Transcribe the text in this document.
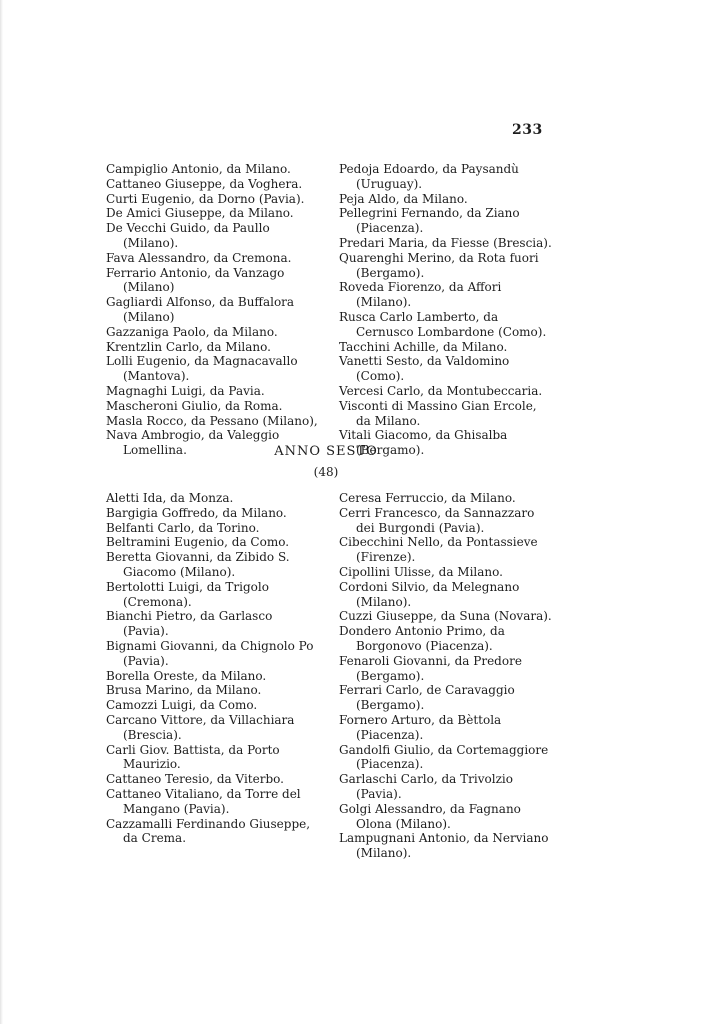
233

Campiglio Antonio, da Milano.

Cattaneo Giuseppe, da Voghera.

Curti Eugenio, da Dorno (Pavia).

De Amici Giuseppe, da Milano.

De Vecchi Guido, da Paullo (Milano).

Fava Alessandro, da Cremona.

Ferrario Antonio, da Vanzago (Milano)

Gagliardi Alfonso, da Buffalora (Milano)

Gazzaniga Paolo, da Milano.

Krentzlin Carlo, da Milano.

Lolli Eugenio, da Magnacavallo (Mantova).

Magnaghi Luigi, da Pavia.

Mascheroni Giulio, da Roma.

Masla Rocco, da Pessano (Milano),

Nava Ambrogio, da Valeggio Lomellina.

Pedoja Edoardo, da Paysandù (Uruguay).

Peja Aldo, da Milano.

Pellegrini Fernando, da Ziano (Piacenza).

Predari Maria, da Fiesse (Brescia).

Quarenghi Merino, da Rota fuori (Bergamo).

Roveda Fiorenzo, da Affori (Milano).

Rusca Carlo Lamberto, da Cernusco Lombardone (Como).

Tacchini Achille, da Milano.

Vanetti Sesto, da Valdomino (Como).

Vercesi Carlo, da Montubeccaria.

Visconti di Massino Gian Ercole, da Milano.

Vitali Giacomo, da Ghisalba (Bergamo).

ANNO SESTO
(48)

Aletti Ida, da Monza.

Bargigia Goffredo, da Milano.

Belfanti Carlo, da Torino.

Beltramini Eugenio, da Como.

Beretta Giovanni, da Zibido S. Giacomo (Milano).

Bertolotti Luigi, da Trigolo (Cremona).

Bianchi Pietro, da Garlasco (Pavia).

Bignami Giovanni, da Chignolo Po (Pavia).

Borella Oreste, da Milano.

Brusa Marino, da Milano.

Camozzi Luigi, da Como.

Carcano Vittore, da Villachiara (Brescia).

Carli Giov. Battista, da Porto Maurizio.

Cattaneo Teresio, da Viterbo.

Cattaneo Vitaliano, da Torre del Mangano (Pavia).

Cazzamalli Ferdinando Giuseppe, da Crema.

Ceresa Ferruccio, da Milano.

Cerri Francesco, da Sannazzaro dei Burgondi (Pavia).

Cibecchini Nello, da Pontassieve (Firenze).

Cipollini Ulisse, da Milano.

Cordoni Silvio, da Melegnano (Milano).

Cuzzi Giuseppe, da Suna (Novara).

Dondero Antonio Primo, da Borgonovo (Piacenza).

Fenaroli Giovanni, da Predore (Bergamo).

Ferrari Carlo, de Caravaggio (Bergamo).

Fornero Arturo, da Bèttola (Piacenza).

Gandolfi Giulio, da Cortemaggiore (Piacenza).

Garlaschi Carlo, da Trivolzio (Pavia).

Golgi Alessandro, da Fagnano Olona (Milano).

Lampugnani Antonio, da Nerviano (Milano).
